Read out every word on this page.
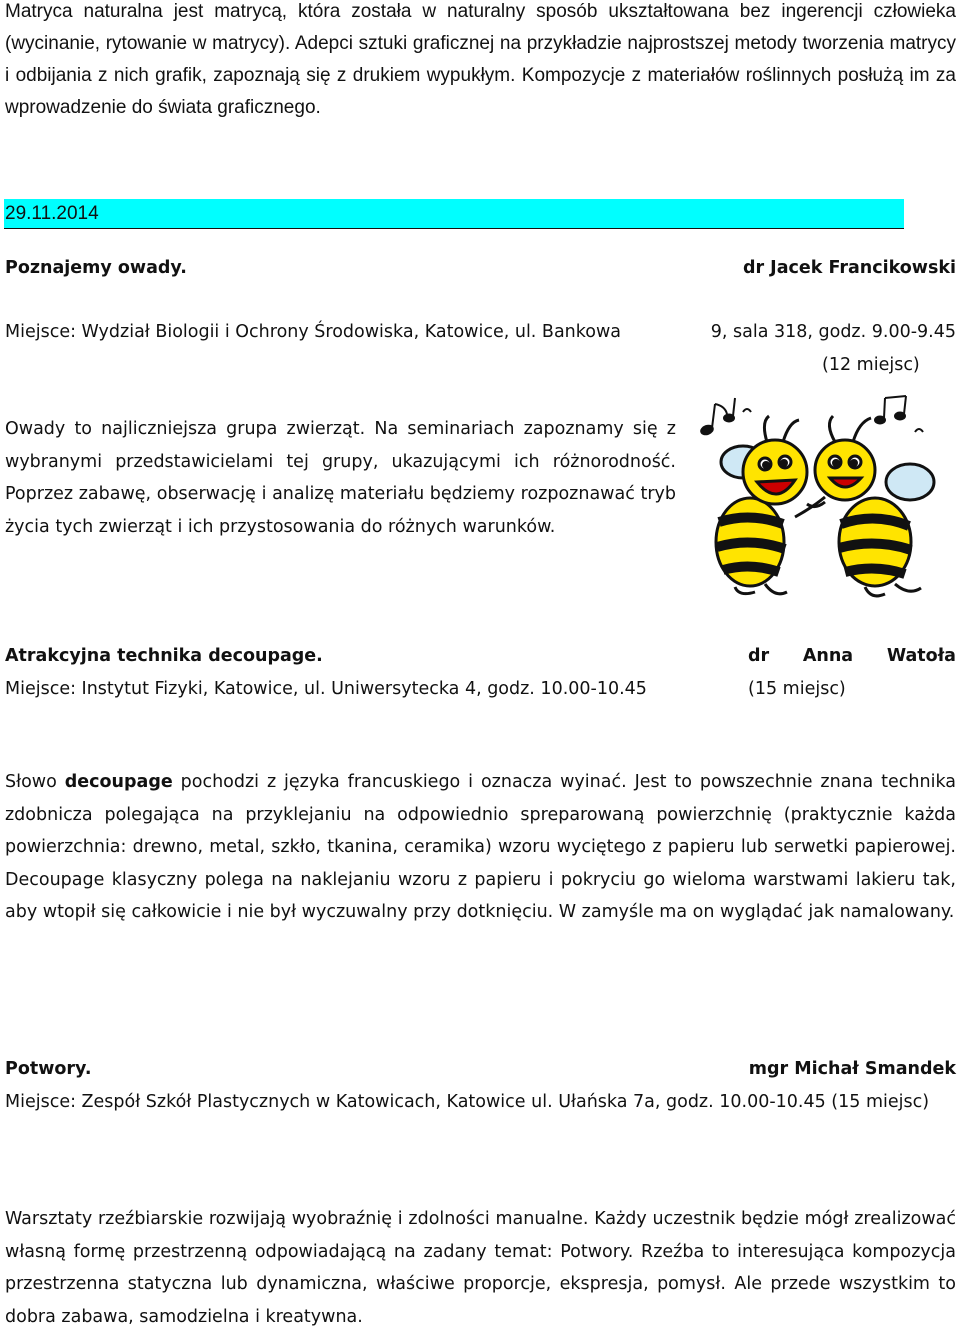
Matryca naturalna jest matrycą, która została w naturalny sposób ukształtowana bez ingerencji człowieka (wycinanie, rytowanie w matrycy). Adepci sztuki graficznej na przykładzie najprostszej metody tworzenia matrycy i odbijania z nich grafik, zapoznają się z drukiem wypukłym. Kompozycje z materiałów roślinnych posłużą im za wprowadzenie do świata graficznego.

29.11.2014
Poznajemy owady.	dr Jacek Francikowski
Miejsce: Wydział Biologii i Ochrony Środowiska, Katowice, ul. Bankowa	9, sala 318, godz. 9.00-9.45
(12 miejsc)

Owady to najliczniejsza grupa zwierząt. Na seminariach zapoznamy się z wybranymi przedstawicielami tej grupy, ukazującymi ich różnorodność. Poprzez zabawę, obserwację i analizę materiału będziemy rozpoznawać tryb życia tych zwierząt i ich przystosowania do różnych warunków.

Atrakcyjna technika decoupage.	dr Anna Watoła
Miejsce: Instytut Fizyki, Katowice, ul. Uniwersytecka 4, godz. 10.00-10.45	(15 miejsc)

Słowo decoupage pochodzi z języka francuskiego i oznacza wyinać. Jest to powszechnie znana technika zdobnicza polegająca na przyklejaniu na odpowiednio spreparowaną powierzchnię (praktycznie każda powierzchnia: drewno, metal, szkło, tkanina, ceramika) wzoru wyciętego z papieru lub serwetki papierowej. Decoupage klasyczny polega na naklejaniu wzoru z papieru i pokryciu go wieloma warstwami lakieru tak, aby wtopił się całkowicie i nie był wyczuwalny przy dotknięciu. W zamyśle ma on wyglądać jak namalowany.

Potwory.	mgr Michał Smandek

Miejsce: Zespół Szkół Plastycznych w Katowicach, Katowice ul. Ułańska 7a, godz. 10.00-10.45 (15 miejsc)

Warsztaty rzeźbiarskie rozwijają wyobraźnię i zdolności manualne. Każdy uczestnik będzie mógł zrealizować własną formę przestrzenną odpowiadającą na zadany temat: Potwory. Rzeźba to interesująca kompozycja przestrzenna statyczna lub dynamiczna, właściwe proporcje, ekspresja, pomysł. Ale przede wszystkim to dobra zabawa, samodzielna i kreatywna.
